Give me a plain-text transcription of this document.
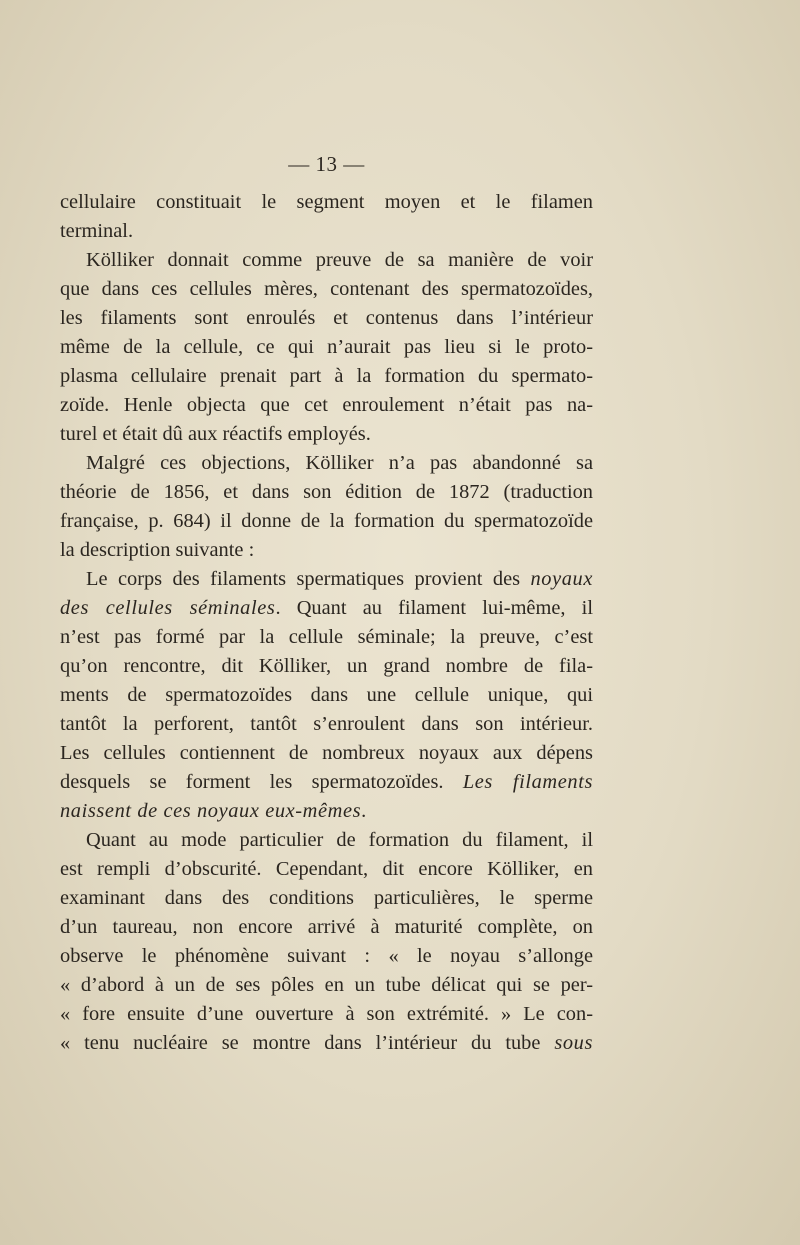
— 13 —
cellulaire constituait le segment moyen et le filamen
terminal.
Kölliker donnait comme preuve de sa manière de voir
que dans ces cellules mères, contenant des spermatozoïdes,
les filaments sont enroulés et contenus dans l’intérieur
même de la cellule, ce qui n’aurait pas lieu si le proto-
plasma cellulaire prenait part à la formation du spermato-
zoïde. Henle objecta que cet enroulement n’était pas na-
turel et était dû aux réactifs employés.
Malgré ces objections, Kölliker n’a pas abandonné sa
théorie de 1856, et dans son édition de 1872 (traduction
française, p. 684) il donne de la formation du spermatozoïde
la description suivante :
Le corps des filaments spermatiques provient des noyaux
des cellules séminales. Quant au filament lui-même, il
n’est pas formé par la cellule séminale; la preuve, c’est
qu’on rencontre, dit Kölliker, un grand nombre de fila-
ments de spermatozoïdes dans une cellule unique, qui
tantôt la perforent, tantôt s’enroulent dans son intérieur.
Les cellules contiennent de nombreux noyaux aux dépens
desquels se forment les spermatozoïdes. Les filaments
naissent de ces noyaux eux-mêmes.
Quant au mode particulier de formation du filament, il
est rempli d’obscurité. Cependant, dit encore Kölliker, en
examinant dans des conditions particulières, le sperme
d’un taureau, non encore arrivé à maturité complète, on
observe le phénomène suivant : « le noyau s’allonge
« d’abord à un de ses pôles en un tube délicat qui se per-
« fore ensuite d’une ouverture à son extrémité. » Le con-
« tenu nucléaire se montre dans l’intérieur du tube sous
